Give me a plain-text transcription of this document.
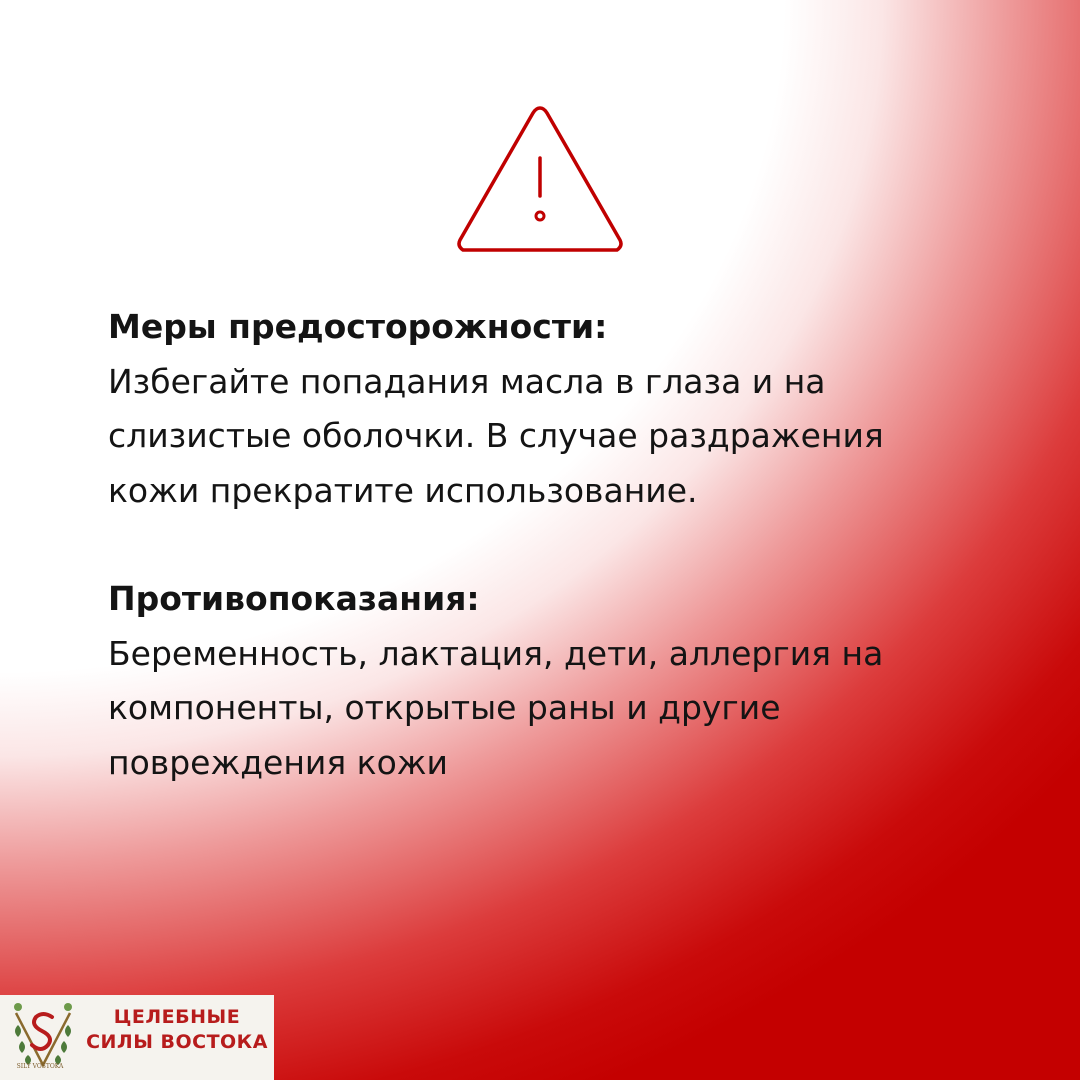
Меры предосторожности:

Избегайте попадания масла в глаза и на
слизистые оболочки. В случае раздражения
кожи прекратите использование.

Противопоказания:

Беременность, лактация, дети, аллергия на
компоненты, открытые раны и другие
повреждения кожи

SILY VOSTOKA
ЦЕЛЕБНЫЕ
СИЛЫ ВОСТОКА
